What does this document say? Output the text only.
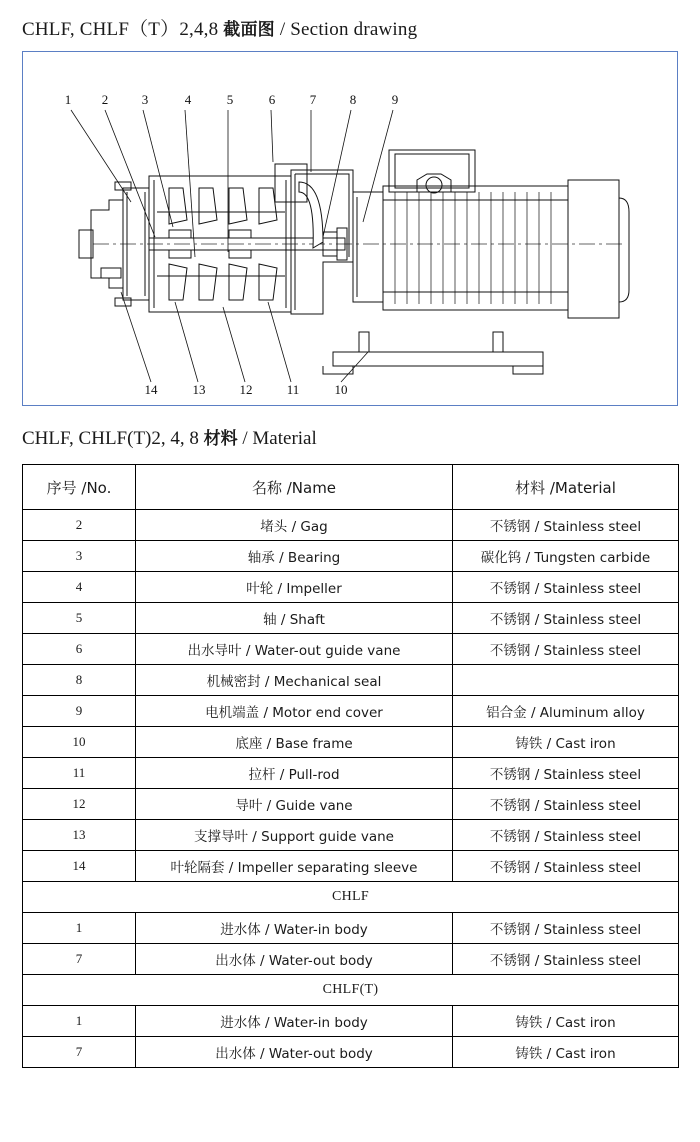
CHLF, CHLF（T）2,4,8 截面图 / Section drawing
1 2	3	4	5	6	7	8	9
14	13	12	11	10
CHLF, CHLF(T)2, 4, 8 材料 / Material
序号 /No.	名称 /Name	材料 /Material
2	堵头 / Gag	不锈钢 / Stainless steel
3	轴承 / Bearing	碳化钨 / Tungsten carbide
4	叶轮 / Impeller	不锈钢 / Stainless steel
5	轴 / Shaft	不锈钢 / Stainless steel
6	出水导叶 / Water-out guide vane	不锈钢 / Stainless steel
8	机械密封 / Mechanical seal	
9	电机端盖 / Motor end cover	铝合金 / Aluminum alloy
10	底座 / Base frame	铸铁 / Cast iron
11	拉杆 / Pull-rod	不锈钢 / Stainless steel
12	导叶 / Guide vane	不锈钢 / Stainless steel
13	支撑导叶 / Support guide vane	不锈钢 / Stainless steel
14	叶轮隔套 / Impeller separating sleeve	不锈钢 / Stainless steel
CHLF		
1	进水体 / Water-in body	不锈钢 / Stainless steel
7	出水体 / Water-out body	不锈钢 / Stainless steel
CHLF(T)		
1	进水体 / Water-in body	铸铁 / Cast iron
7	出水体 / Water-out body	铸铁 / Cast iron
